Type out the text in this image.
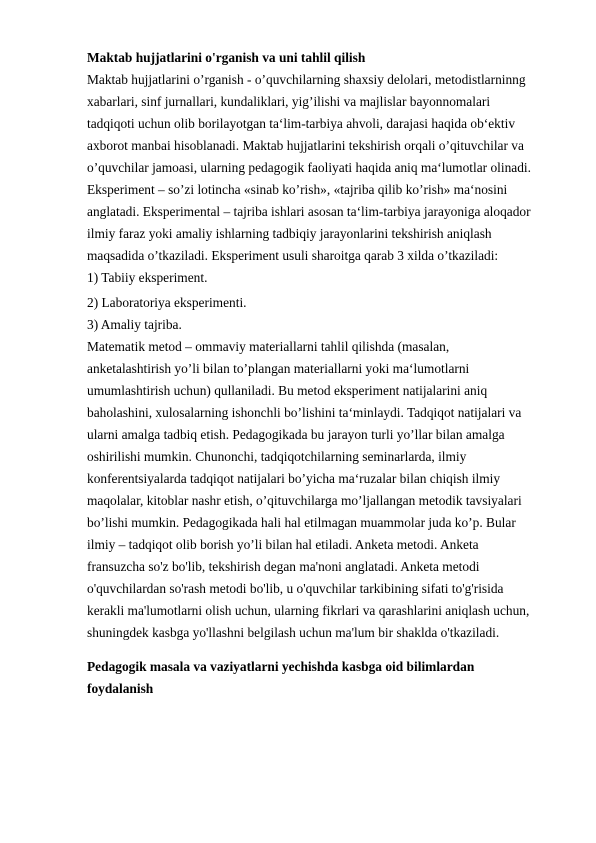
Maktab hujjatlarini o'rganish va uni tahlil qilish

Maktab hujjatlarini o’rganish - o’quvchilarning shaxsiy delolari, metodistlarninng

xabarlari, sinf jurnallari, kundaliklari, yig’ilishi va majlislar bayonnomalari

tadqiqoti uchun olib borilayotgan ta‘lim-tarbiya ahvoli, darajasi haqida ob‘ektiv

axborot manbai hisoblanadi. Maktab hujjatlarini tekshirish orqali o’qituvchilar va

o’quvchilar jamoasi, ularning pedagogik faoliyati haqida aniq ma‘lumotlar olinadi.

Eksperiment – so’zi lotincha «sinab ko’rish», «tajriba qilib ko’rish» ma‘nosini

anglatadi. Eksperimental – tajriba ishlari asosan ta‘lim-tarbiya jarayoniga aloqador

ilmiy faraz yoki amaliy ishlarning tadbiqiy jarayonlarini tekshirish aniqlash

maqsadida o’tkaziladi. Eksperiment usuli sharoitga qarab 3 xilda o’tkaziladi:

1) Tabiiy eksperiment.

2) Laboratoriya eksperimenti.

3) Amaliy tajriba.

Matematik metod – ommaviy materiallarni tahlil qilishda (masalan,

anketalashtirish yo’li bilan to’plangan materiallarni yoki ma‘lumotlarni

umumlashtirish uchun) qullaniladi. Bu metod eksperiment natijalarini aniq

baholashini, xulosalarning ishonchli bo’lishini ta‘minlaydi. Tadqiqot natijalari va

ularni amalga tadbiq etish. Pedagogikada bu jarayon turli yo’llar bilan amalga

oshirilishi mumkin. Chunonchi, tadqiqotchilarning seminarlarda, ilmiy

konferentsiyalarda tadqiqot natijalari bo’yicha ma‘ruzalar bilan chiqish ilmiy

maqolalar, kitoblar nashr etish, o’qituvchilarga mo’ljallangan metodik tavsiyalari

bo’lishi mumkin. Pedagogikada hali hal etilmagan muammolar juda ko’p. Bular

ilmiy – tadqiqot olib borish yo’li bilan hal etiladi. Anketa metodi. Anketa

fransuzcha so'z bo'lib, tekshirish degan ma'noni anglatadi. Anketa metodi

o'quvchilardan so'rash metodi bo'lib, u o'quvchilar tarkibining sifati to'g'risida

kerakli ma'lumotlarni olish uchun, ularning fikrlari va qarashlarini aniqlash uchun,

shuningdek kasbga yo'llashni belgilash uchun ma'lum bir shaklda o'tkaziladi.

Pedagogik masala va vaziyatlarni yechishda kasbga oid bilimlardan

foydalanish
